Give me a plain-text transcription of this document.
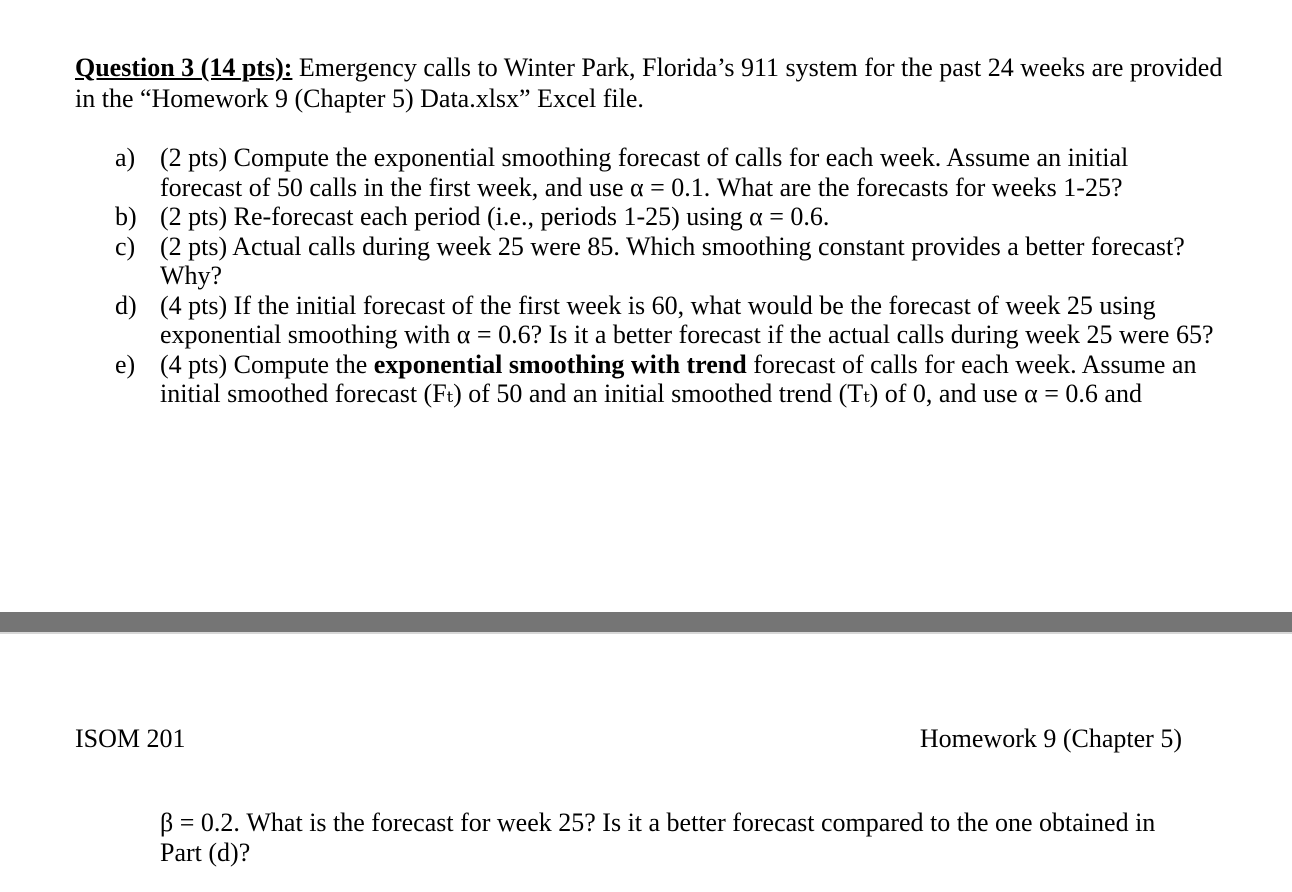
Question 3 (14 pts): Emergency calls to Winter Park, Florida’s 911 system for the past 24 weeks are provided in the “Homework 9 (Chapter 5) Data.xlsx” Excel file.
a) (2 pts) Compute the exponential smoothing forecast of calls for each week. Assume an initial forecast of 50 calls in the first week, and use α = 0.1. What are the forecasts for weeks 1-25?
b) (2 pts) Re-forecast each period (i.e., periods 1-25) using α = 0.6.
c) (2 pts) Actual calls during week 25 were 85. Which smoothing constant provides a better forecast? Why?
d) (4 pts) If the initial forecast of the first week is 60, what would be the forecast of week 25 using exponential smoothing with α = 0.6? Is it a better forecast if the actual calls during week 25 were 65?
e) (4 pts) Compute the exponential smoothing with trend forecast of calls for each week. Assume an initial smoothed forecast (Fₜ) of 50 and an initial smoothed trend (Tₜ) of 0, and use α = 0.6 and
ISOM 201	Homework 9 (Chapter 5)
β = 0.2. What is the forecast for week 25? Is it a better forecast compared to the one obtained in Part (d)?
